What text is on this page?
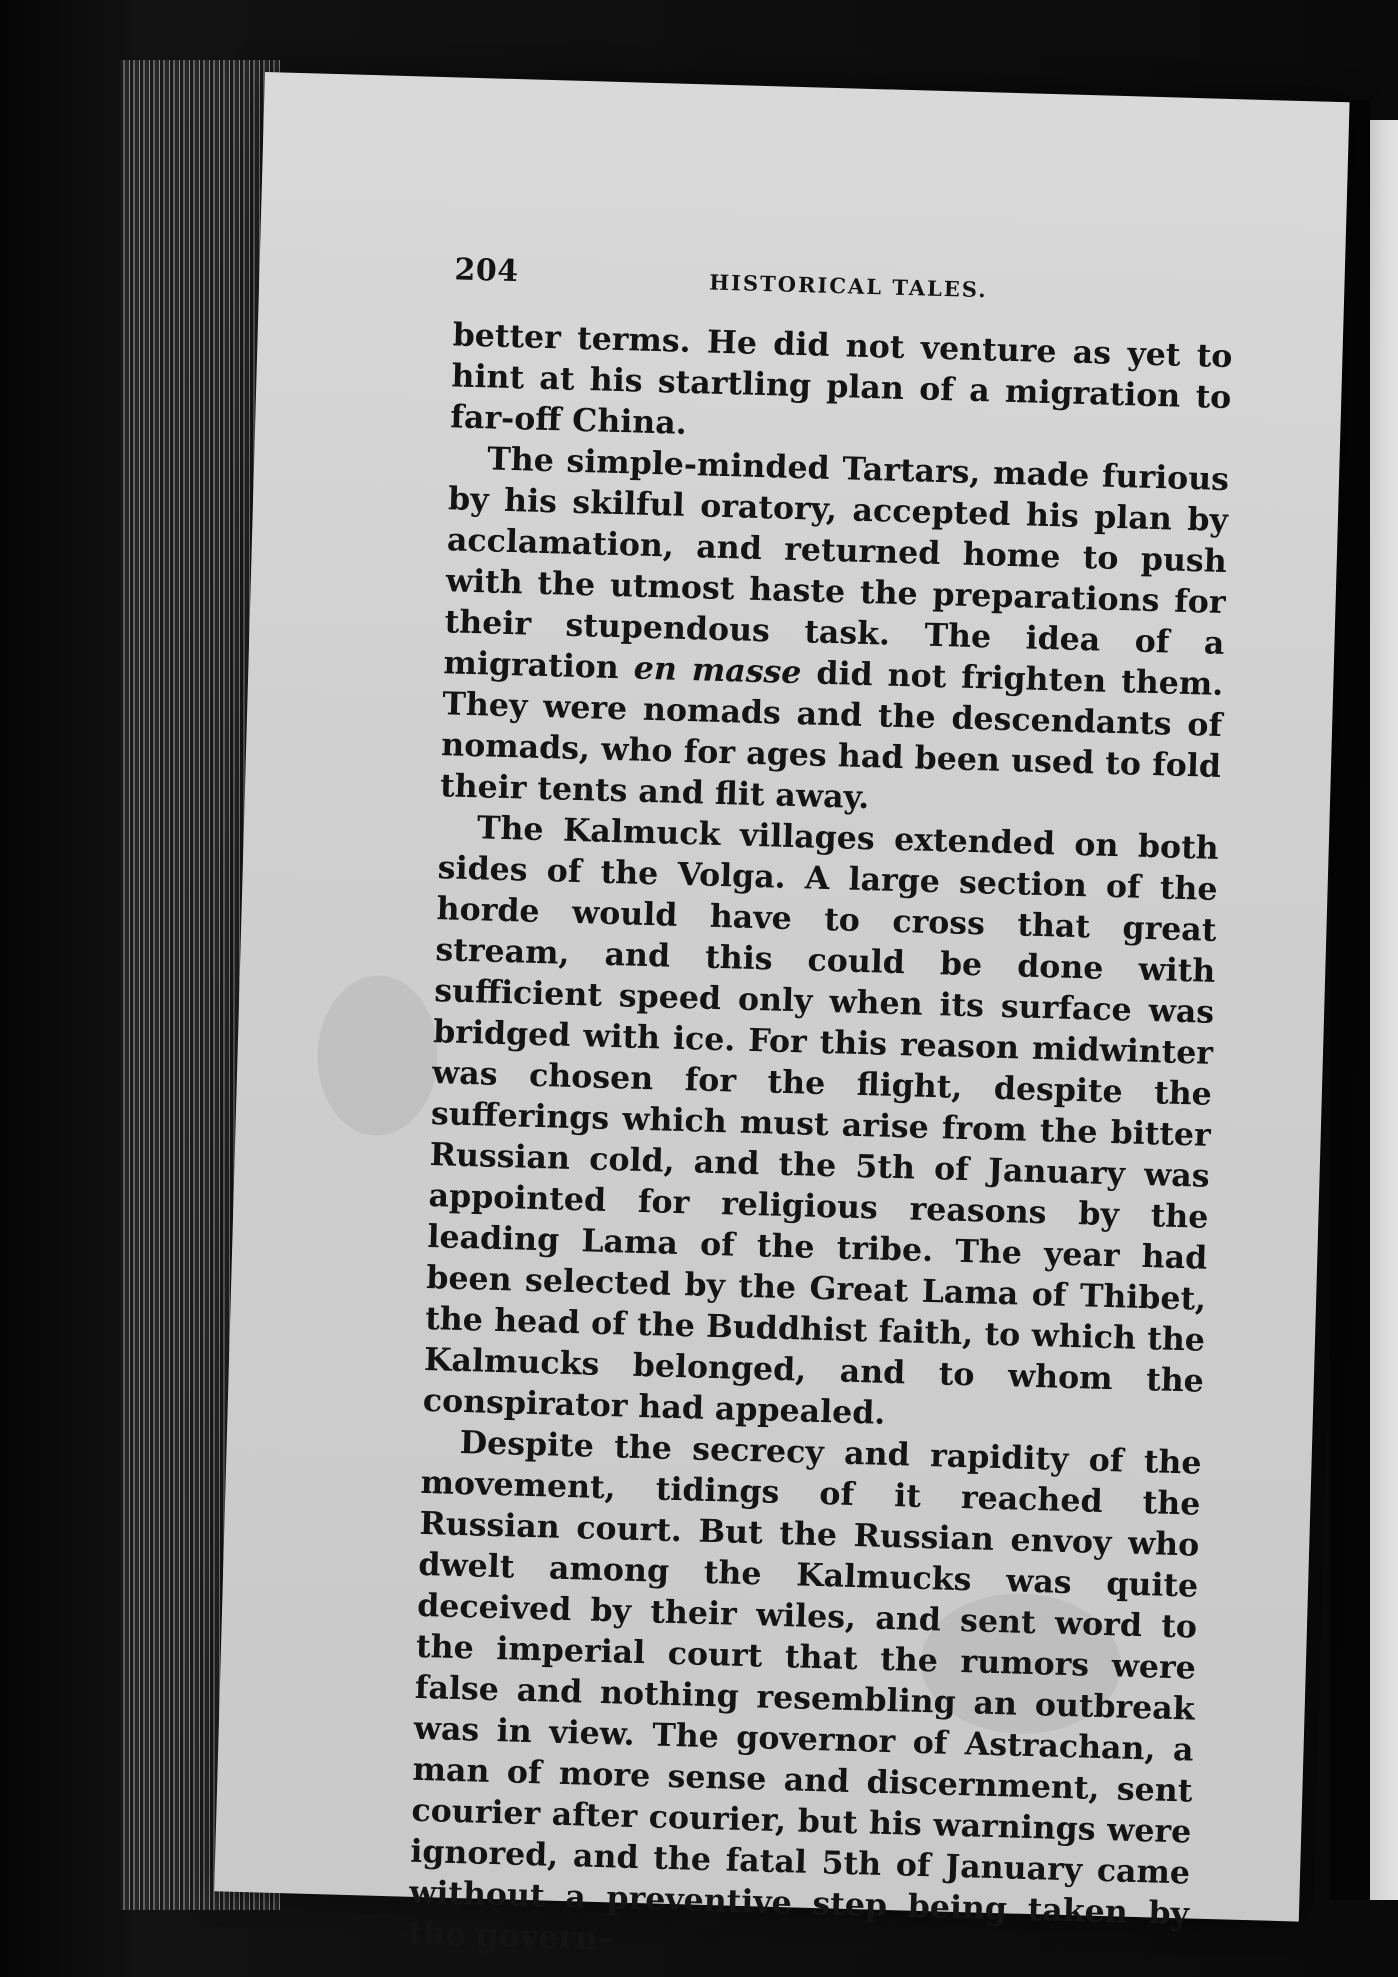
204	HISTORICAL TALES.

better terms. He did not venture as yet to hint at his startling plan of a migration to far-off China.

The simple-minded Tartars, made furious by his skilful oratory, accepted his plan by acclamation, and returned home to push with the utmost haste the preparations for their stupendous task. The idea of a migration en masse did not frighten them. They were nomads and the descendants of nomads, who for ages had been used to fold their tents and flit away.

The Kalmuck villages extended on both sides of the Volga. A large section of the horde would have to cross that great stream, and this could be done with sufficient speed only when its surface was bridged with ice. For this reason midwinter was chosen for the flight, despite the sufferings which must arise from the bitter Russian cold, and the 5th of January was appointed for religious reasons by the leading Lama of the tribe. The year had been selected by the Great Lama of Thibet, the head of the Buddhist faith, to which the Kalmucks belonged, and to whom the conspirator had appealed.

Despite the secrecy and rapidity of the movement, tidings of it reached the Russian court. But the Russian envoy who dwelt among the Kalmucks was quite deceived by their wiles, and sent word to the imperial court that the rumors were false and nothing resembling an outbreak was in view. The governor of Astrachan, a man of more sense and discernment, sent courier after courier, but his warnings were ignored, and the fatal 5th of January came without a preventive step being taken by the govern-
